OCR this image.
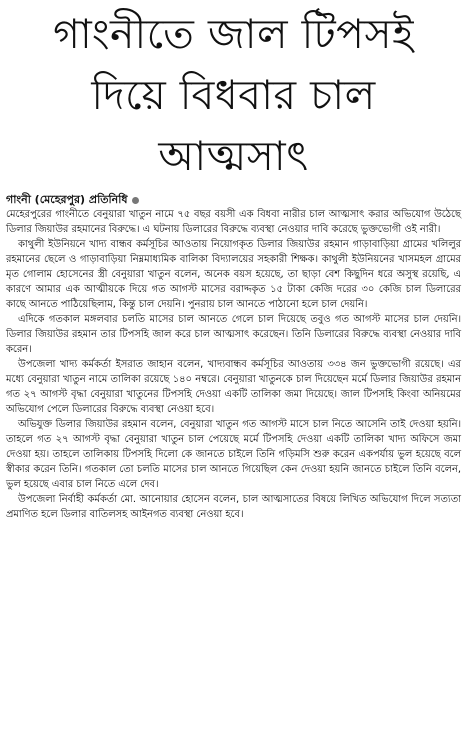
গাংনীতে জাল টিপসই
দিয়ে বিধবার চাল
আত্মসাৎ
গাংনী (মেহেরপুর) প্রতিনিধি

মেহেরপুরের গাংনীতে বেনুয়ারা খাতুন নামে ৭৫ বছর বয়সী এক বিধবা নারীর চাল আত্মসাৎ করার অভিযোগ উঠেছে ডিলার জিয়াউর রহমানের বিরুদ্ধে। এ ঘটনায় ডিলারের বিরুদ্ধে ব্যবস্থা নেওয়ার দাবি করেছে ভুক্তভোগী ওই নারী।

কাথুলী ইউনিয়নে খাদ্য বান্ধব কর্মসূচির আওতায় নিয়োগকৃত ডিলার জিয়াউর রহমান গাড়াবাড়িয়া গ্রামের খলিলুর রহমানের ছেলে ও গাড়াবাড়িয়া নিম্নমাধ্যমিক বালিকা বিদ্যালয়ের সহকারী শিক্ষক। কাথুলী ইউনিয়নের খাসমহল গ্রামের মৃত গোলাম হোসেনের স্ত্রী বেনুয়ারা খাতুন বলেন, অনেক বয়স হয়েছে, তা ছাড়া বেশ কিছুদিন ধরে অসুস্থ রয়েছি, এ কারণে আমার এক আত্মীয়কে দিয়ে গত আগস্ট মাসের বরাদ্দকৃত ১৫ টাকা কেজি দরের ৩০ কেজি চাল ডিলারের কাছে আনতে পাঠিয়েছিলাম, কিন্তু চাল দেয়নি। পুনরায় চাল আনতে পাঠানো হলে চাল দেয়নি।

এদিকে গতকাল মঙ্গলবার চলতি মাসের চাল আনতে গেলে চাল দিয়েছে তবুও গত আগস্ট মাসের চাল দেয়নি। ডিলার জিয়াউর রহমান তার টিপসহি জাল করে চাল আত্মসাৎ করেছেন। তিনি ডিলারের বিরুদ্ধে ব্যবস্থা নেওয়ার দাবি করেন।

উপজেলা খাদ্য কর্মকর্তা ইসরাত জাহান বলেন, খাদ্যবান্ধব কর্মসূচির আওতায় ৩৩৪ জন ভুক্তভোগী রয়েছে। এর মধ্যে বেনুয়ারা খাতুন নামে তালিকা রয়েছে ১৪০ নম্বরে। বেনুয়ারা খাতুনকে চাল দিয়েছেন মর্মে ডিলার জিয়াউর রহমান গত ২৭ আগস্ট বৃদ্ধা বেনুয়ারা খাতুনের টিপসহি দেওয়া একটি তালিকা জমা দিয়েছে। জাল টিপসহি কিংবা অনিয়মের অভিযোগ পেলে ডিলারের বিরুদ্ধে ব্যবস্থা নেওয়া হবে।

অভিযুক্ত ডিলার জিয়াউর রহমান বলেন, বেনুয়ারা খাতুন গত আগস্ট মাসে চাল নিতে আসেনি তাই দেওয়া হয়নি। তাহলে গত ২৭ আগস্ট বৃদ্ধা বেনুয়ারা খাতুন চাল পেয়েছে মর্মে টিপসহি দেওয়া একটি তালিকা খাদ্য অফিসে জমা দেওয়া হয়। তাহলে তালিকায় টিপসহি দিলো কে জানতে চাইলে তিনি গড়িমসি শুরু করেন একপর্যায় ভুল হয়েছে বলে স্বীকার করেন তিনি। গতকাল তো চলতি মাসের চাল আনতে গিয়েছিল কেন দেওয়া হয়নি জানতে চাইলে তিনি বলেন, ভুল হয়েছে এবার চাল নিতে এলে দেব।

উপজেলা নির্বাহী কর্মকর্তা মো. আনোয়ার হোসেন বলেন, চাল আত্মসাতের বিষয়ে লিখিত অভিযোগ দিলে সত্যতা প্রমাণিত হলে ডিলার বাতিলসহ আইনগত ব্যবস্থা নেওয়া হবে।
